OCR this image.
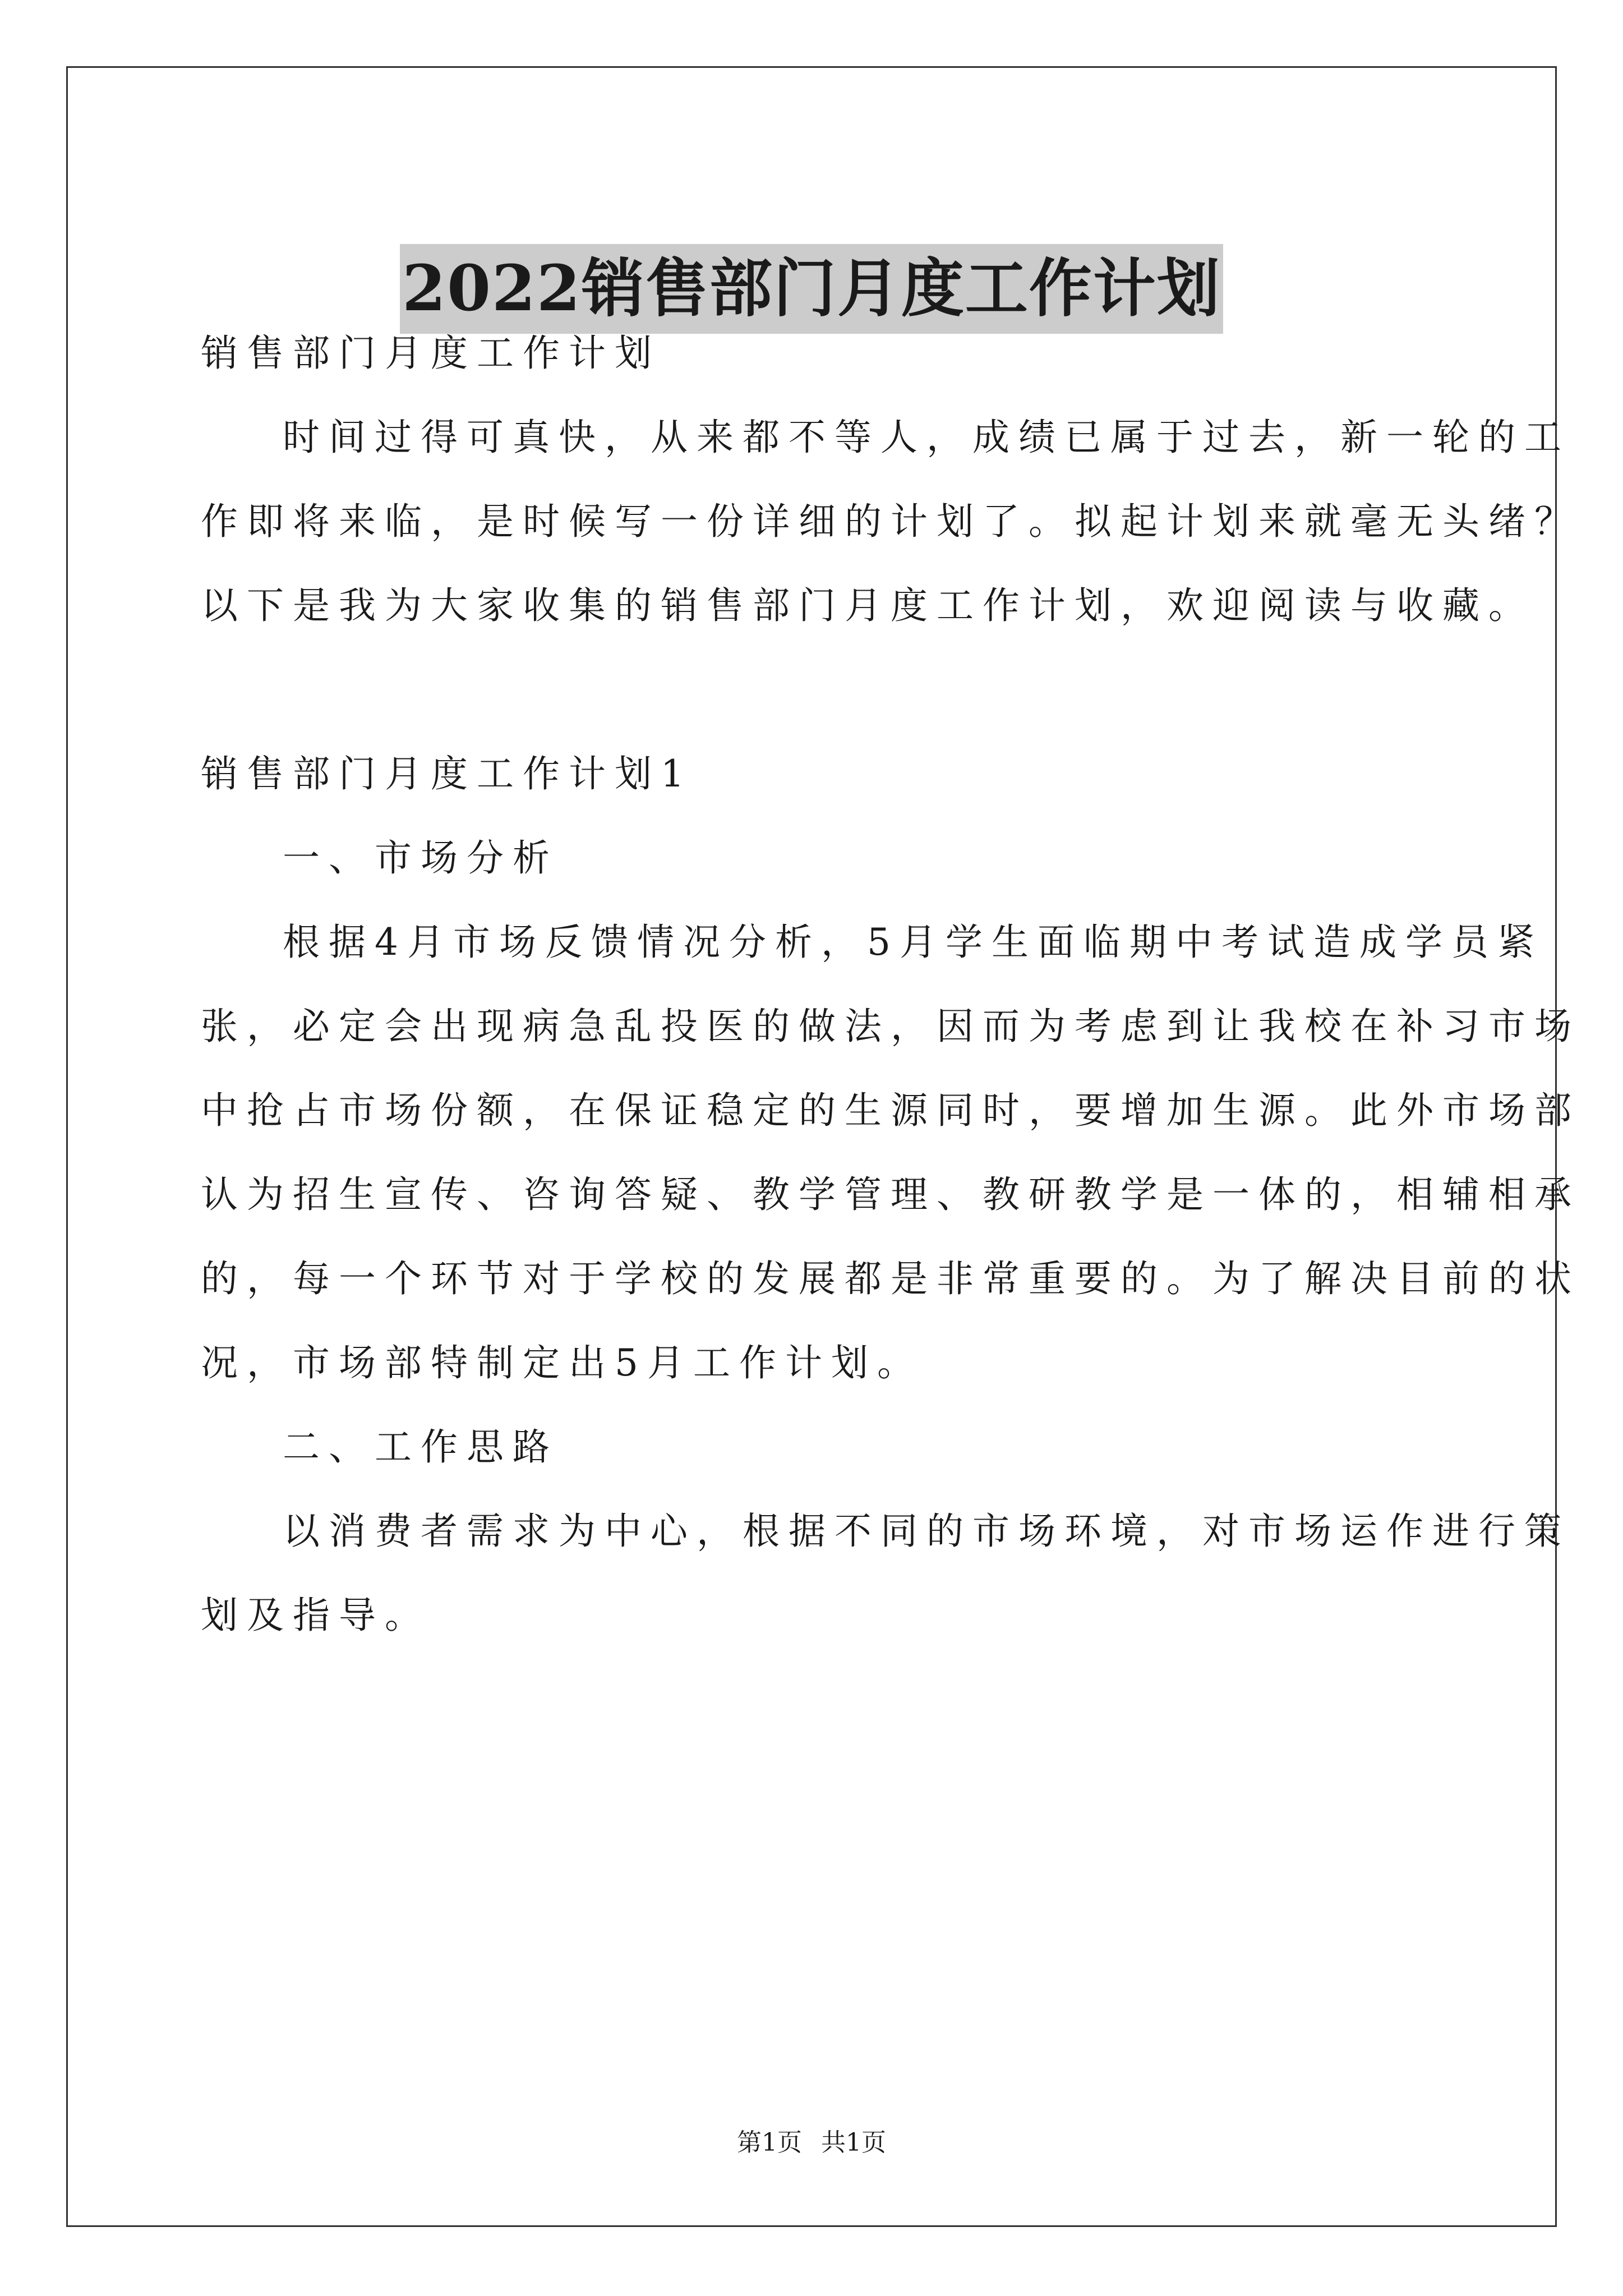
2022销售部门月度工作计划

销售部门月度工作计划

时间过得可真快，从来都不等人，成绩已属于过去，新一轮的工

作即将来临，是时候写一份详细的计划了。拟起计划来就毫无头绪？

以下是我为大家收集的销售部门月度工作计划，欢迎阅读与收藏。

销售部门月度工作计划1

一、市场分析

根据4月市场反馈情况分析，5月学生面临期中考试造成学员紧

张，必定会出现病急乱投医的做法，因而为考虑到让我校在补习市场

中抢占市场份额，在保证稳定的生源同时，要增加生源。此外市场部

认为招生宣传、咨询答疑、教学管理、教研教学是一体的，相辅相承

的，每一个环节对于学校的发展都是非常重要的。为了解决目前的状

况，市场部特制定出5月工作计划。

二、工作思路

以消费者需求为中心，根据不同的市场环境，对市场运作进行策

划及指导。

第1页 共1页
